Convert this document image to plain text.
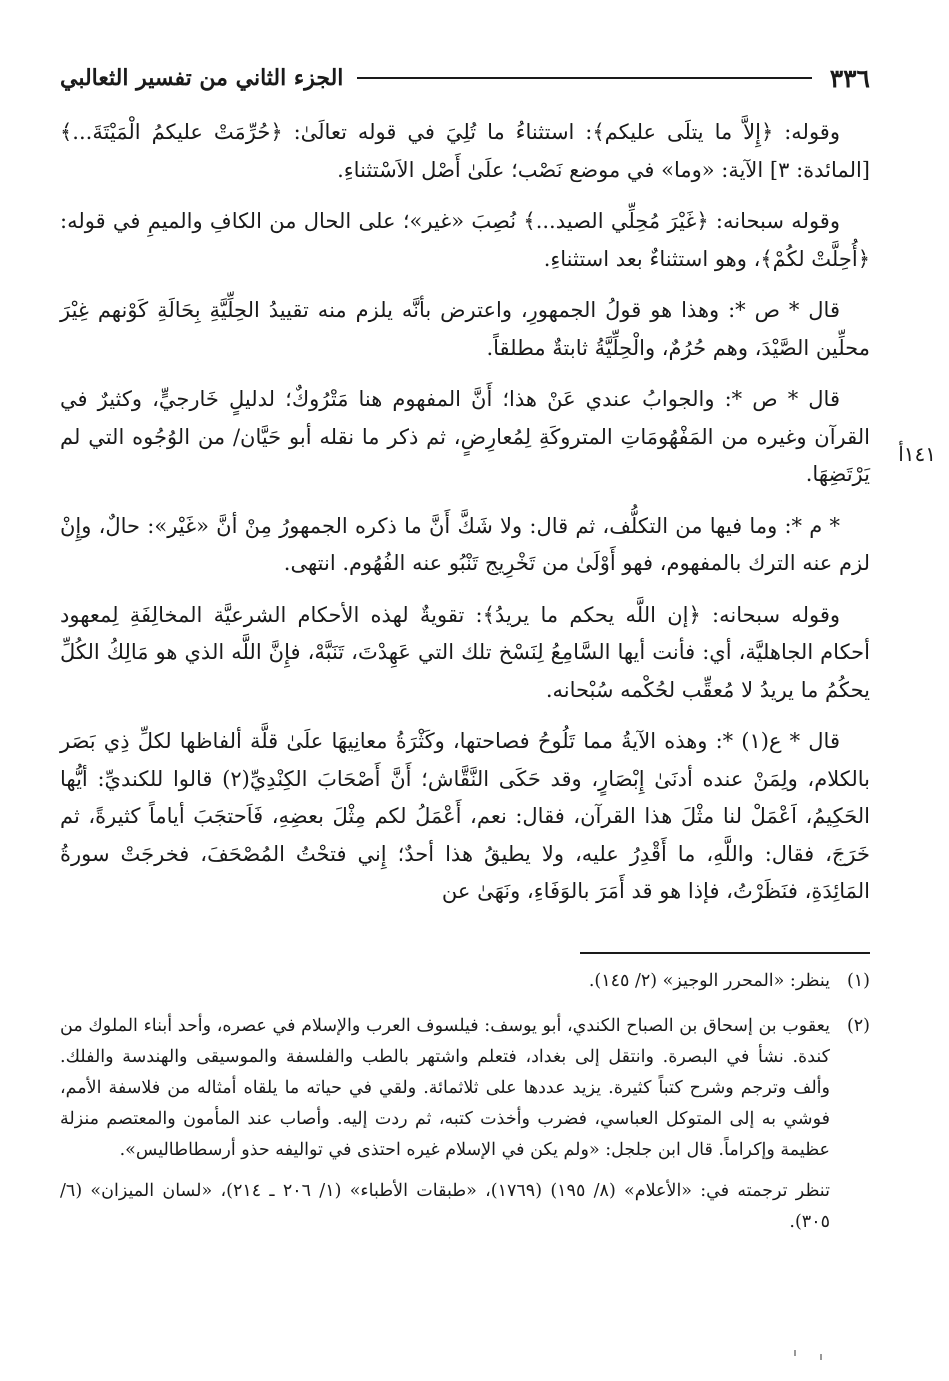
٣٣٦
الجزء الثاني من تفسير الثعالبي
١٤١أ

وقوله: ﴿إِلاَّ ما يتلَى عليكم﴾: استثناءُ ما تُلِيَ في قوله تعالَىٰ: ﴿حُرِّمَتْ عليكمُ الْمَيْتَةَ...﴾ [المائدة: ٣] الآية: «وما» في موضع نَصْب؛ علَىٰ أَصْل الاَسْتثناءِ.

وقوله سبحانه: ﴿غَيْرَ مُحِلِّي الصيد...﴾ نُصِبَ «غير»؛ على الحال من الكافِ والميمِ في قوله: ﴿أُحِلَّتْ لكُمْ﴾، وهو استثناءٌ بعد استثناءِ.

قال * ص *: وهذا هو قولُ الجمهورِ، واعترض بأنَّه يلزم منه تقييدُ الحِلِّيَّةِ بِحَالَةِ كَوْنهم غِيْرَ محلِّين الصَّيْدَ، وهم حُرُمٌ، والْحِلِّيَّةُ ثابتةٌ مطلقاً.

قال * ص *: والجوابُ عندي عَنْ هذا؛ أَنَّ المفهوم هنا مَتْرُوكٌ؛ لدليلٍ خَارجيٍّ، وكثيرٌ في القرآن وغيره من المَفْهُومَاتِ المتروكَةِ لِمُعارِضٍ، ثم ذكر ما نقله أبو حَيَّان/ من الوُجُوه التي لم يَرْتَضِهَا.

* م *: وما فيها من التكلُّف، ثم قال: ولا شَكَّ أَنَّ ما ذكره الجمهورُ مِنْ أنَّ «غَيْر»: حالٌ، وإِنْ لزم عنه الترك بالمفهوم، فهو أَوْلَىٰ من تَخْرِيج تَنْبُو عنه الفُهُوم. انتهى.

وقوله سبحانه: ﴿إن اللَّه يحكم ما يريدُ﴾: تقويةٌ لهذه الأحكام الشرعيَّة المخالِفَةِ لِمعهود أحكام الجاهليَّة، أي: فأنت أيها السَّامِعُ لِنَسْخ تلك التي عَهِدْتَ، تَنَبَّهْ، فإِنَّ اللَّه الذي هو مَالِكُ الكُلِّ يحكُمُ ما يريدُ لا مُعقِّب لحُكْمه سُبْحانه.

قال * ع(١) *: وهذه الآيةُ مما تَلُوحُ فصاحتها، وكَثْرَةُ معانِيهَا علَىٰ قلَّة ألفاظها لكلِّ ذِي بَصَر بالكلام، ولِمَنْ عنده أدنَىٰ إِبْصَارٍ، وقد حَكَى النَّقَّاش؛ أَنَّ أَصْحَابَ الكِنْدِيِّ(٢) قالوا للكنديِّ: أيُّها الحَكِيمُ، اَعْمَلْ لنا مثْلَ هذا القرآن، فقال: نعم، أَعْمَلُ لكم مِثْلَ بعضِهِ، فَاَحتجَبَ أياماً كثيرةً، ثم خَرَجَ، فقال: واللَّهِ، ما أَقْدِرُ عليه، ولا يطيقُ هذا أحدٌ؛ إِني فتحْتُ المُصْحَفَ، فخرجَتْ سورةُ المَائِدَةِ، فنَظَرْتُ، فإذا هو قد أَمَرَ بالوَفَاءِ، ونَهَىٰ عن

(١)

ينظر: «المحرر الوجيز» (٢/ ١٤٥).

(٢)

يعقوب بن إسحاق بن الصباح الكندي، أبو يوسف: فيلسوف العرب والإسلام في عصره، وأحد أبناء الملوك من كندة. نشأ في البصرة. وانتقل إلى بغداد، فتعلم واشتهر بالطب والفلسفة والموسيقى والهندسة والفلك. وألف وترجم وشرح كتباً كثيرة. يزيد عددها على ثلاثمائة. ولقي في حياته ما يلقاه أمثاله من فلاسفة الأمم، فوشي به إلى المتوكل العباسي، فضرب وأخذت كتبه، ثم ردت إليه. وأصاب عند المأمون والمعتصم منزلة عظيمة وإكراماً. قال ابن جلجل: «ولم يكن في الإسلام غيره احتذى في تواليفه حذو أرسطاطاليس».

تنظر ترجمته في: «الأعلام» (٨/ ١٩٥) (١٧٦٩)، «طبقات الأطباء» (١/ ٢٠٦ ـ ٢١٤)، «لسان الميزان» (٦/ ٣٠٥).
